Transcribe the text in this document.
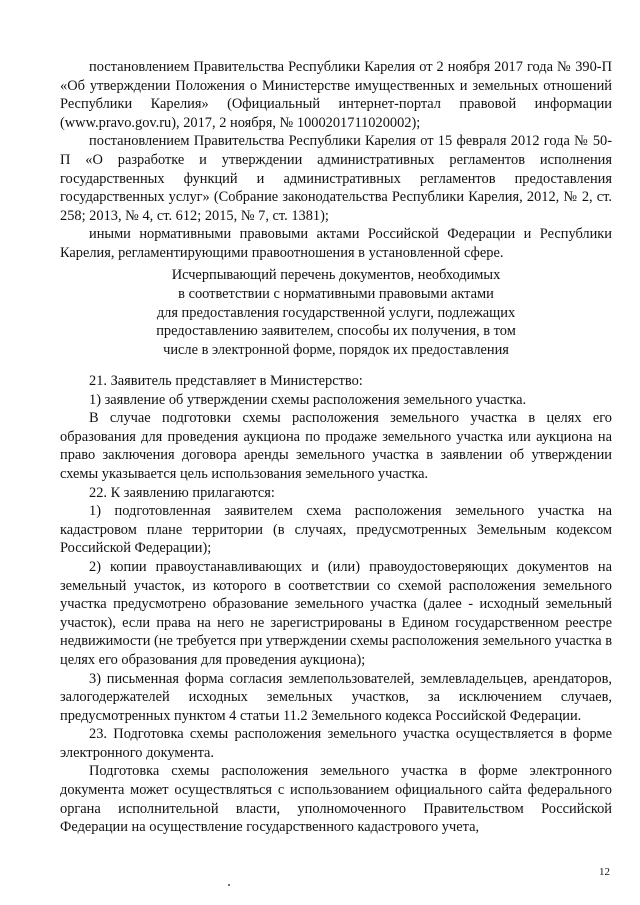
постановлением Правительства Республики Карелия от 2 ноября 2017 года № 390-П «Об утверждении Положения о Министерстве имущественных и земельных отношений Республики Карелия» (Официальный интернет-портал правовой информации (www.pravo.gov.ru), 2017, 2 ноября, № 1000201711020002);

постановлением Правительства Республики Карелия от 15 февраля 2012 года № 50-П «О разработке и утверждении административных регламентов исполнения государственных функций и административных регламентов предоставления государственных услуг» (Собрание законодательства Республики Карелия, 2012, № 2, ст. 258; 2013, № 4, ст. 612; 2015, № 7, ст. 1381);

иными нормативными правовыми актами Российской Федерации и Республики Карелия, регламентирующими правоотношения в установленной сфере.

Исчерпывающий перечень документов, необходимых
в соответствии с нормативными правовыми актами
для предоставления государственной услуги, подлежащих
предоставлению заявителем, способы их получения, в том
числе в электронной форме, порядок их предоставления

21. Заявитель представляет в Министерство:

1) заявление об утверждении схемы расположения земельного участка.

В случае подготовки схемы расположения земельного участка в целях его образования для проведения аукциона по продаже земельного участка или аукциона на право заключения договора аренды земельного участка в заявлении об утверждении схемы указывается цель использования земельного участка.

22. К заявлению прилагаются:

1) подготовленная заявителем схема расположения земельного участка на кадастровом плане территории (в случаях, предусмотренных Земельным кодексом Российской Федерации);

2) копии правоустанавливающих и (или) правоудостоверяющих документов на земельный участок, из которого в соответствии со схемой расположения земельного участка предусмотрено образование земельного участка (далее - исходный земельный участок), если права на него не зарегистрированы в Едином государственном реестре недвижимости (не требуется при утверждении схемы расположения земельного участка в целях его образования для проведения аукциона);

3) письменная форма согласия землепользователей, землевладельцев, арендаторов, залогодержателей исходных земельных участков, за исключением случаев, предусмотренных пунктом 4 статьи 11.2 Земельного кодекса Российской Федерации.

23. Подготовка схемы расположения земельного участка осуществляется в форме электронного документа.

Подготовка схемы расположения земельного участка в форме электронного документа может осуществляться с использованием официального сайта федерального органа исполнительной власти, уполномоченного Правительством Российской Федерации на осуществление государственного кадастрового учета,

12
